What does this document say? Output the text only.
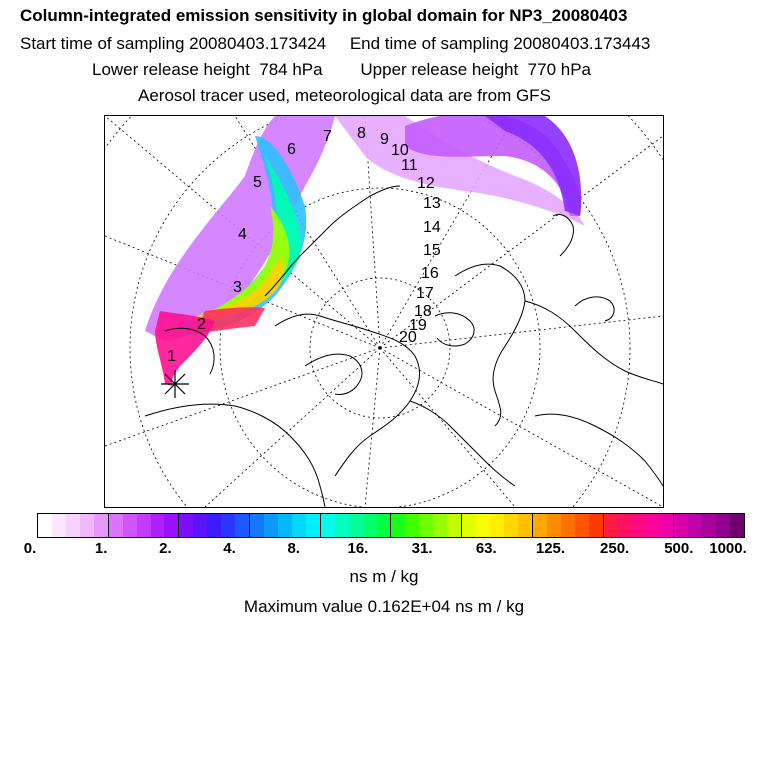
Column-integrated emission sensitivity in global domain for NP3_20080403
Start time of sampling 20080403.173424     End time of sampling 20080403.173443
Lower release height  784 hPa        Upper release height  770 hPa
Aerosol tracer used, meteorological data are from GFS
1
2
3
4
5
6
7 8 9
10
11
12
13
14
15
16
17
18
19
20
0.	1.	2.	4.	8.	16.	31.	63.	125. 250. 500. 1000.
ns m / kg
Maximum value 0.162E+04 ns m / kg
